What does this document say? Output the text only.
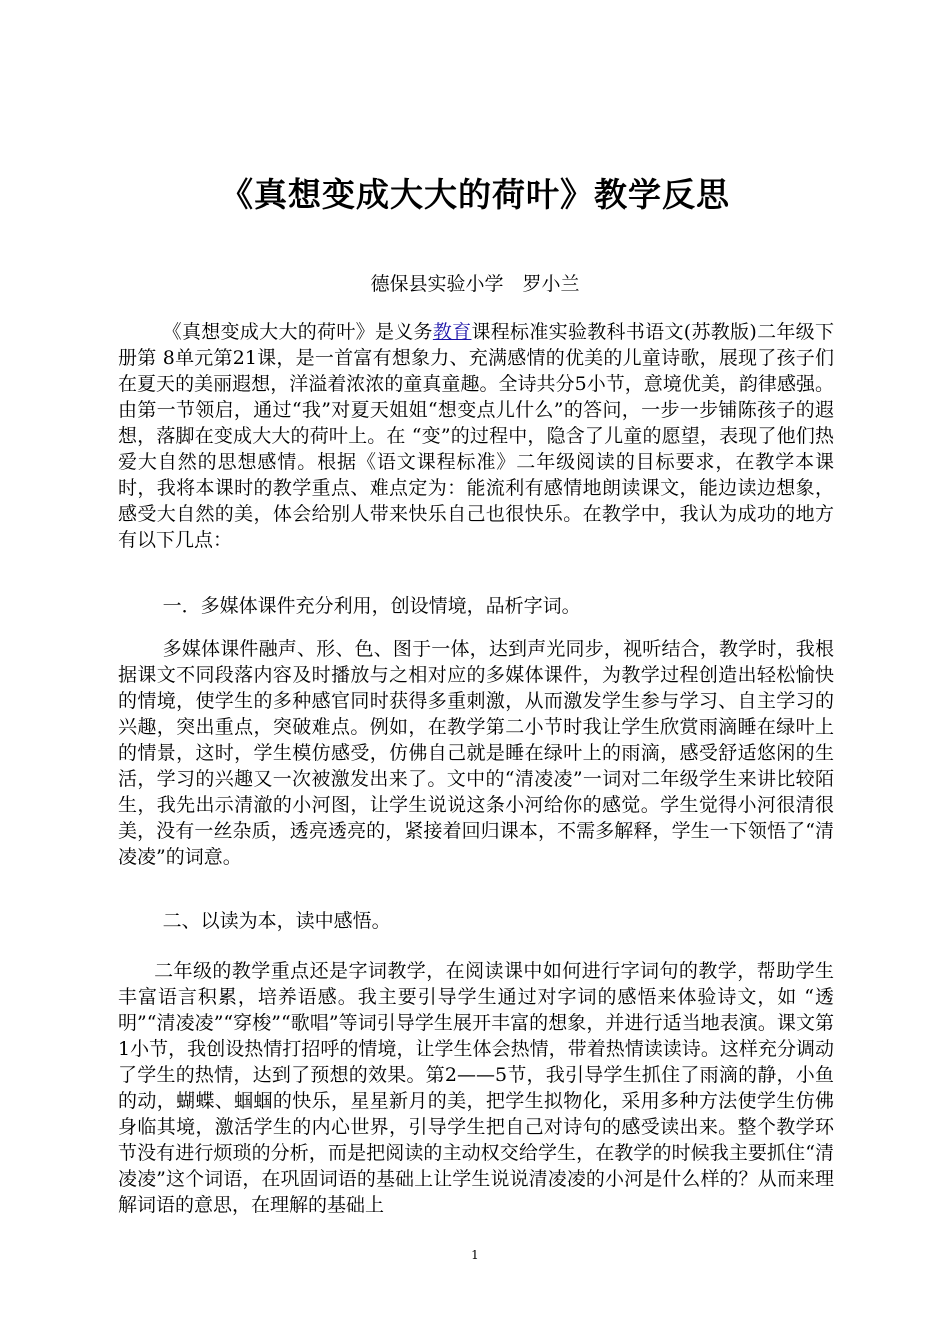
《真想变成大大的荷叶》教学反思
德保县实验小学　罗小兰

《真想变成大大的荷叶》是义务教育课程标准实验教科书语文(苏教版)二年级下册第 8单元第21课，是一首富有想象力、充满感情的优美的儿童诗歌，展现了孩子们在夏天的美丽遐想，洋溢着浓浓的童真童趣。全诗共分5小节，意境优美，韵律感强。由第一节领启，通过“我”对夏天姐姐“想变点儿什么”的答问，一步一步铺陈孩子的遐想，落脚在变成大大的荷叶上。在 “变”的过程中，隐含了儿童的愿望，表现了他们热爱大自然的思想感情。根据《语文课程标准》二年级阅读的目标要求，在教学本课时，我将本课时的教学重点、难点定为：能流利有感情地朗读课文，能边读边想象，感受大自然的美，体会给别人带来快乐自己也很快乐。在教学中，我认为成功的地方有以下几点：

一．多媒体课件充分利用，创设情境，品析字词。

多媒体课件融声、形、色、图于一体，达到声光同步，视听结合，教学时，我根据课文不同段落内容及时播放与之相对应的多媒体课件，为教学过程创造出轻松愉快的情境，使学生的多种感官同时获得多重刺激，从而激发学生参与学习、自主学习的兴趣，突出重点，突破难点。例如，在教学第二小节时我让学生欣赏雨滴睡在绿叶上的情景，这时，学生模仿感受，仿佛自己就是睡在绿叶上的雨滴，感受舒适悠闲的生活，学习的兴趣又一次被激发出来了。文中的“清凌凌”一词对二年级学生来讲比较陌生，我先出示清澈的小河图，让学生说说这条小河给你的感觉。学生觉得小河很清很美，没有一丝杂质，透亮透亮的，紧接着回归课本，不需多解释，学生一下领悟了“清凌凌”的词意。

二、以读为本，读中感悟。

二年级的教学重点还是字词教学，在阅读课中如何进行字词句的教学，帮助学生丰富语言积累，培养语感。我主要引导学生通过对字词的感悟来体验诗文，如 “透明”“清凌凌”“穿梭”“歌唱”等词引导学生展开丰富的想象，并进行适当地表演。课文第1小节，我创设热情打招呼的情境，让学生体会热情，带着热情读读诗。这样充分调动了学生的热情，达到了预想的效果。第2——5节，我引导学生抓住了雨滴的静，小鱼的动，蝴蝶、蝈蝈的快乐，星星新月的美，把学生拟物化，采用多种方法使学生仿佛身临其境，激活学生的内心世界，引导学生把自己对诗句的感受读出来。整个教学环节没有进行烦琐的分析，而是把阅读的主动权交给学生，在教学的时候我主要抓住“清凌凌”这个词语，在巩固词语的基础上让学生说说清凌凌的小河是什么样的？从而来理解词语的意思，在理解的基础上

1
